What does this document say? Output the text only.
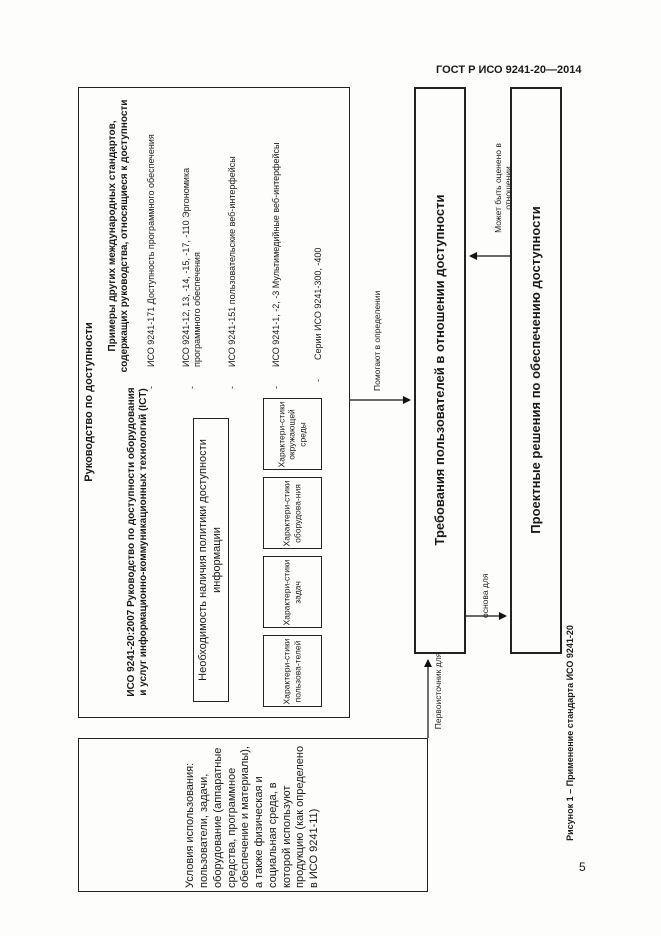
ГОСТ Р ИСО 9241-20—2014
5
Условия использования: пользователи, задачи, оборудование (аппаратные средства, программное обеспечение и материалы), а также физическая и социальная среда, в которой используют продукцию (как определено в ИСО 9241-11)
Руководство по доступности	ИСО 9241-20:2007 Руководство по доступности оборудования и услуг информационно-коммуникационных технологий (ICT)	Необходимость наличия политики доступности информации
Характери-стики пользова-телей
Характери-стики задач
Характери-стики оборудова-ния
Характери-стики окружающей среды
Примеры других международных стандартов, содержащих руководства, относящиеся к доступности
-
ИСО 9241-171 Доступность программного обеспечения
-
ИСО 9241-12, 13, -14, -15, -17, -110 Эргономика программного обеспечения
-
ИСО 9241-151 пользовательские веб-интерфейсы
-
ИСО 9241-1, -2, -3 Мультимедийные веб-интерфейсы
-
Серии ИСО 9241-300, -400	Требования пользователей в отношении доступности	Проектные решения по обеспечению доступности
Первоисточник для
Помогают в определении
основа для
Может быть оценено в отношении
Рисунок 1 – Применение стандарта ИСО 9241-20
